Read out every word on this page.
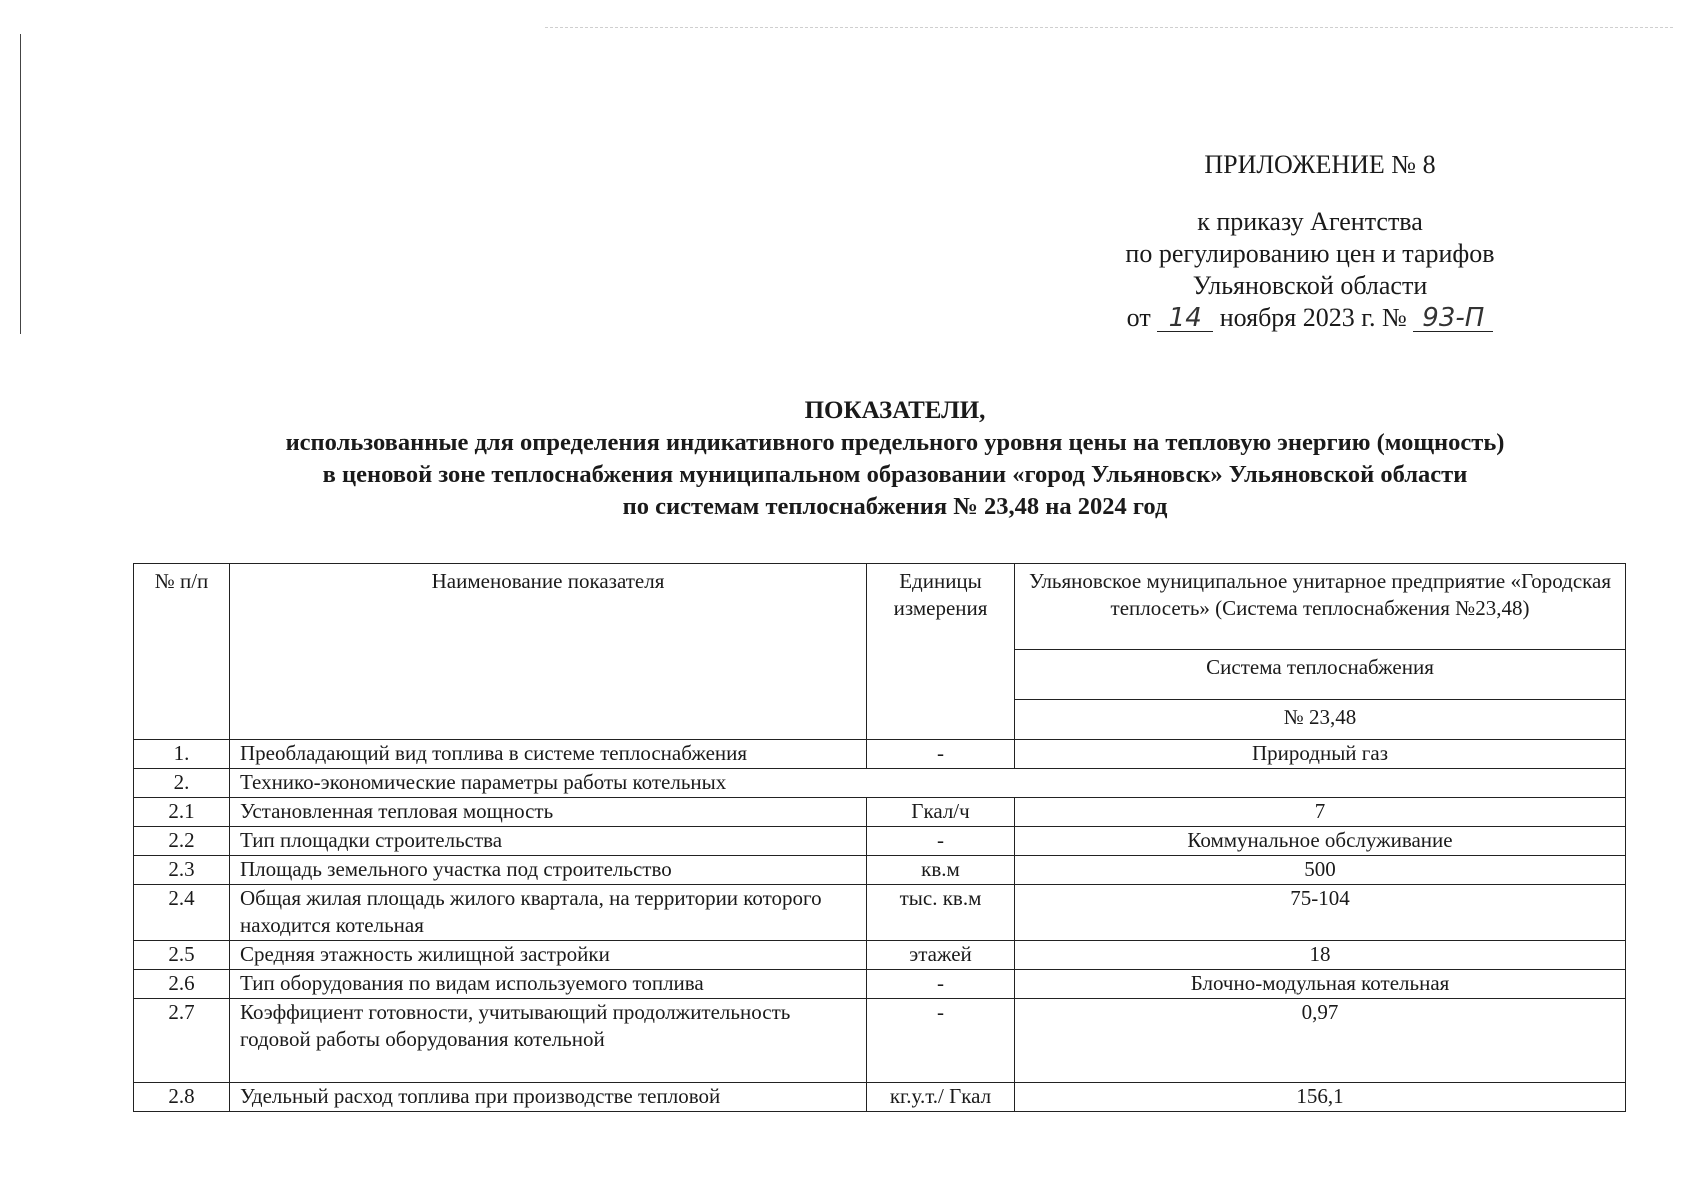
ПРИЛОЖЕНИЕ № 8
к приказу Агентства
по регулированию цен и тарифов
Ульяновской области
от 14 ноября 2023 г. № 93-П
ПОКАЗАТЕЛИ,
использованные для определения индикативного предельного уровня цены на тепловую энергию (мощность)
в ценовой зоне теплоснабжения муниципальном образовании «город Ульяновск» Ульяновской области
по системам теплоснабжения № 23,48 на 2024 год
№ п/п	Наименование показателя	Единицы измерения	Ульяновское муниципальное унитарное предприятие «Городская теплосеть» (Система теплоснабжения №23,48)
			Система теплоснабжения
			№ 23,48
1.	Преобладающий вид топлива в системе теплоснабжения	-	Природный газ
2.	Технико-экономические параметры работы котельных		
2.1	Установленная тепловая мощность	Гкал/ч	7
2.2	Тип площадки строительства	-	Коммунальное обслуживание
2.3	Площадь земельного участка под строительство	кв.м	500
2.4	Общая жилая площадь жилого квартала, на территории которого находится котельная	тыс. кв.м	75-104
2.5	Средняя этажность жилищной застройки	этажей	18
2.6	Тип оборудования по видам используемого топлива	-	Блочно-модульная котельная
2.7	Коэффициент готовности, учитывающий продолжительность годовой работы оборудования котельной	-	0,97
2.8	Удельный расход топлива при производстве тепловой	кг.у.т./ Гкал	156,1
